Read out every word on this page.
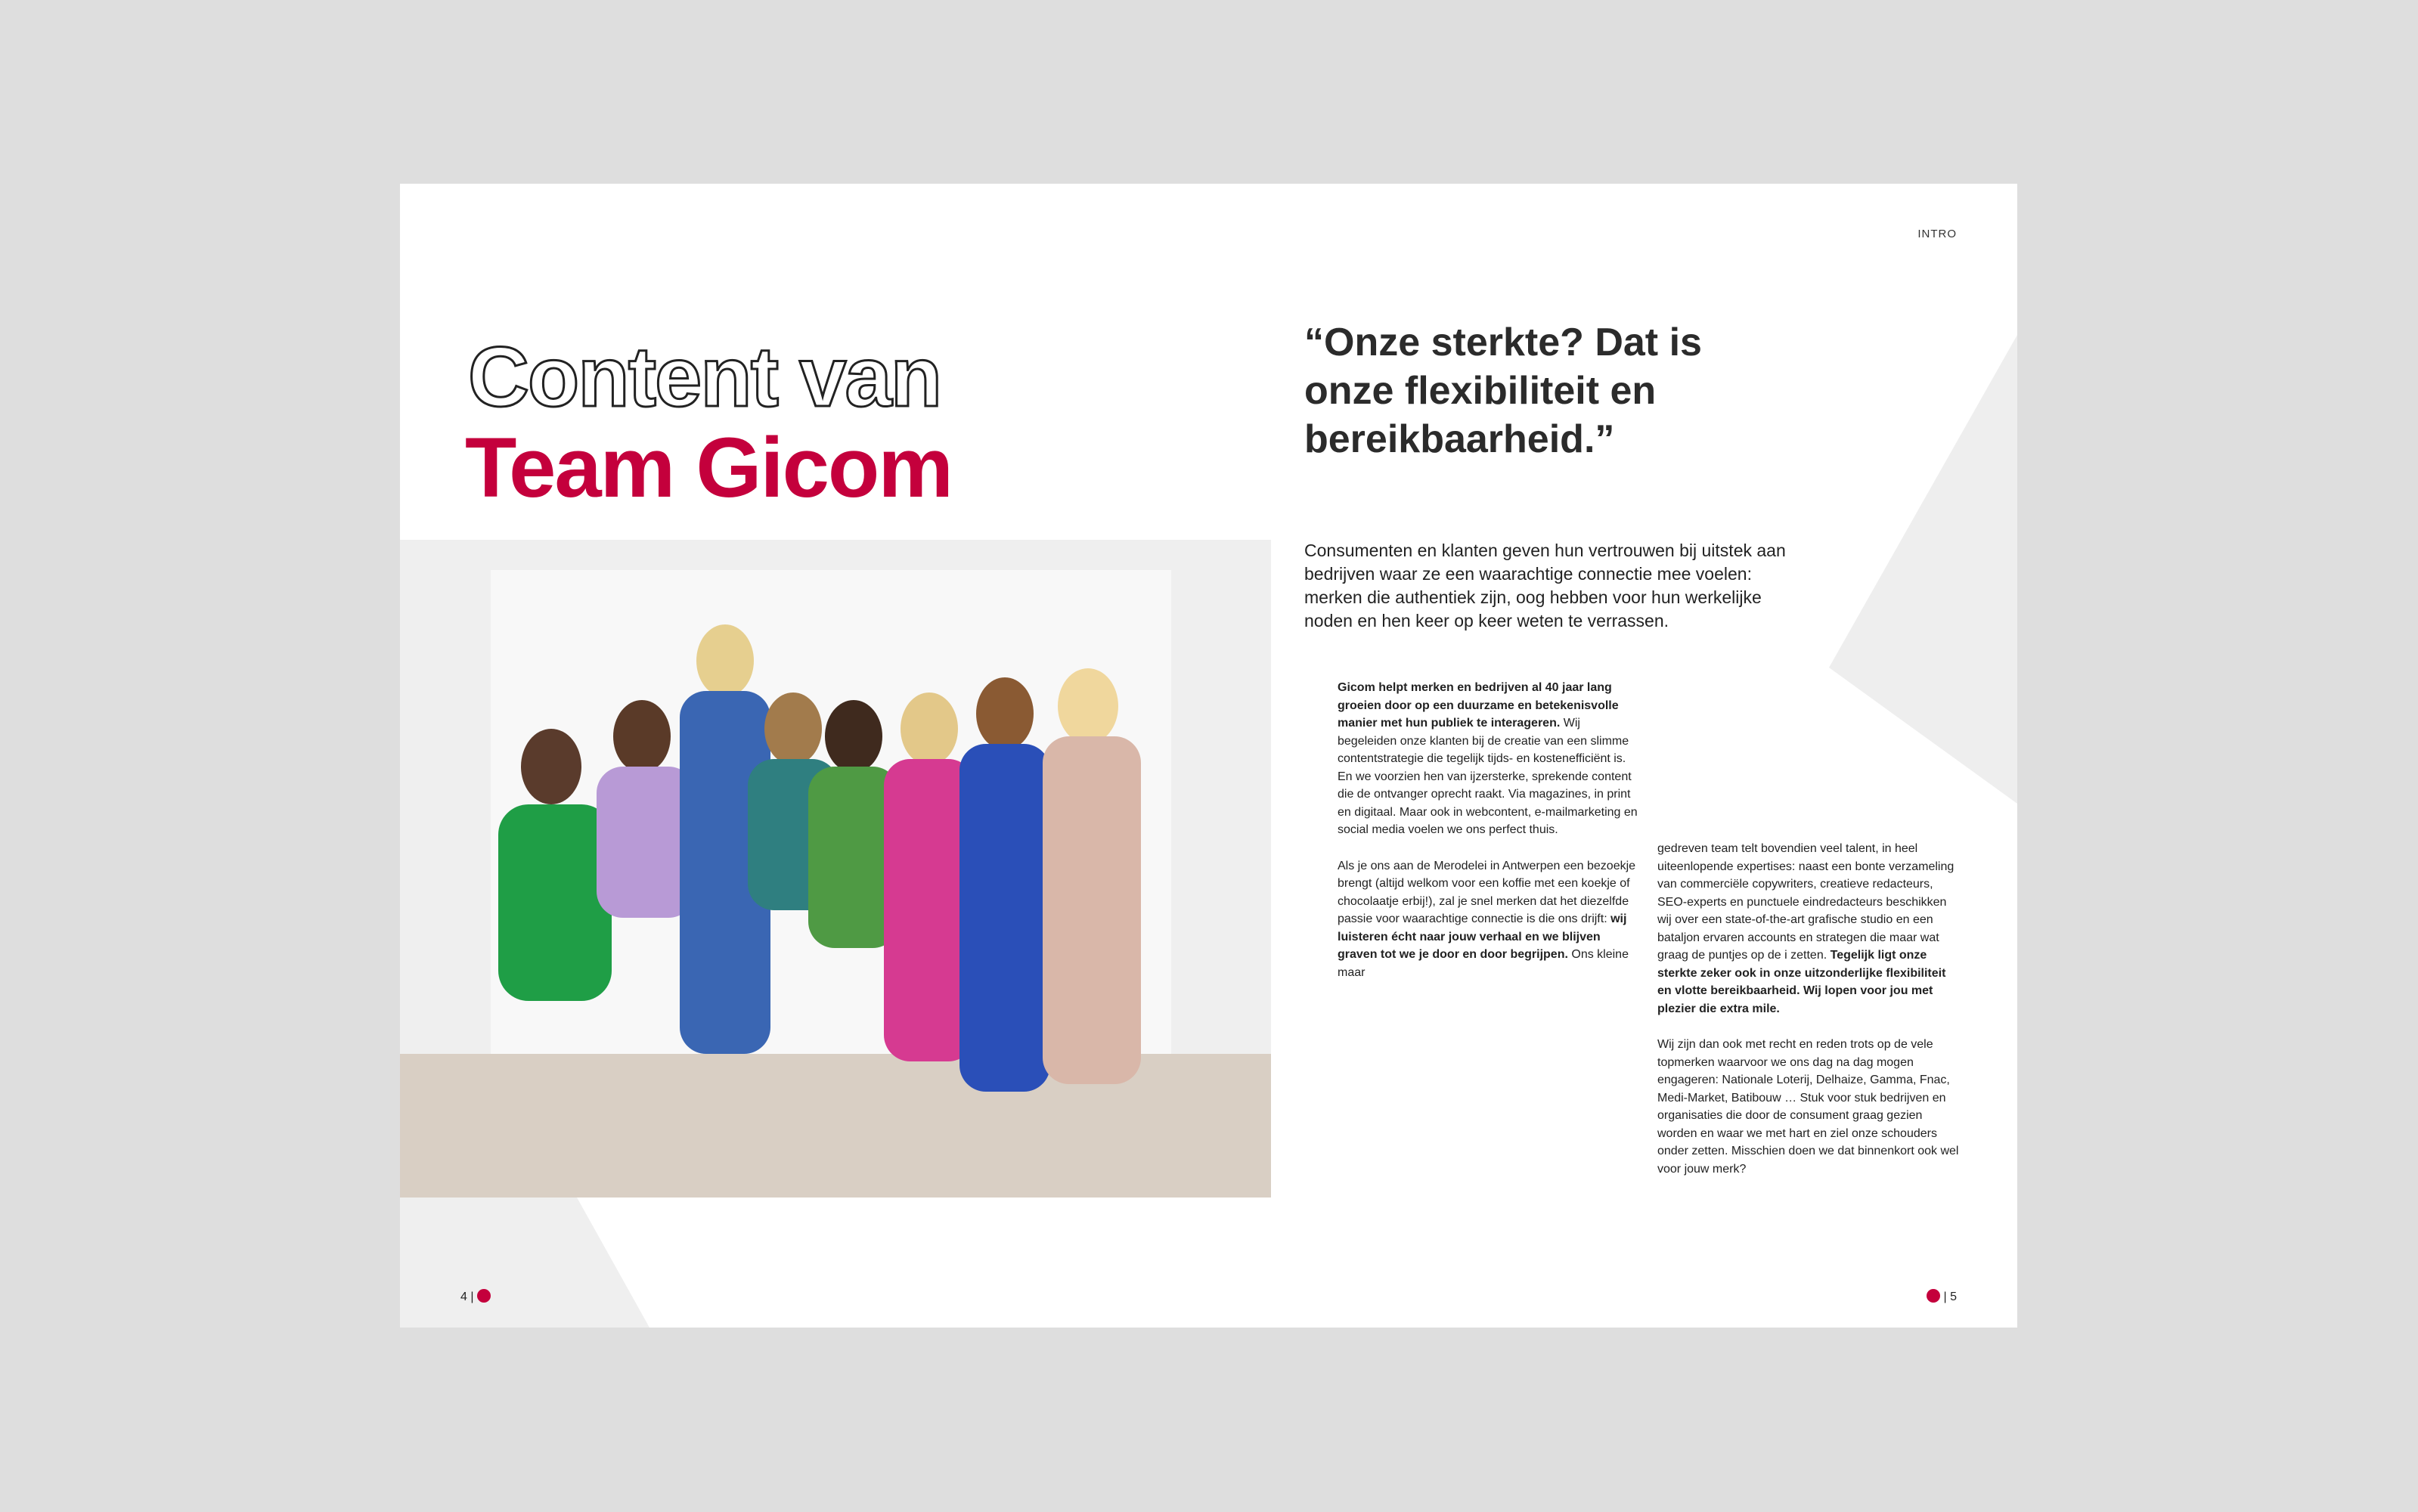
INTRO
Content van
Team Gicom
“Onze sterkte? Dat is onze flexibiliteit en bereikbaarheid.”
Consumenten en klanten geven hun vertrouwen bij uitstek aan bedrijven waar ze een waarachtige connectie mee voelen: merken die authentiek zijn, oog hebben voor hun werkelijke noden en hen keer op keer weten te verrassen.

Gicom helpt merken en bedrijven al 40 jaar lang groeien door op een duurzame en betekenisvolle manier met hun publiek te interageren. Wij begeleiden onze klanten bij de creatie van een slimme contentstrategie die tegelijk tijds- en kostenefficiënt is. En we voorzien hen van ijzersterke, sprekende content die de ontvanger oprecht raakt. Via magazines, in print en digitaal. Maar ook in webcontent, e-mailmarketing en social media voelen we ons perfect thuis.

Als je ons aan de Merodelei in Antwerpen een bezoekje brengt (altijd welkom voor een koffie met een koekje of chocolaatje erbij!), zal je snel merken dat het diezelfde passie voor waarachtige connectie is die ons drijft: wij luisteren écht naar jouw verhaal en we blijven graven tot we je door en door begrijpen. Ons kleine maar

gedreven team telt bovendien veel talent, in heel uiteenlopende expertises: naast een bonte verzameling van commerciële copywriters, creatieve redacteurs, SEO-experts en punctuele eindredacteurs beschikken wij over een state-of-the-art grafische studio en een bataljon ervaren accounts en strategen die maar wat graag de puntjes op de i zetten. Tegelijk ligt onze sterkte zeker ook in onze uitzonderlijke flexibiliteit en vlotte bereikbaarheid. Wij lopen voor jou met plezier die extra mile.

Wij zijn dan ook met recht en reden trots op de vele topmerken waarvoor we ons dag na dag mogen engageren: Nationale Loterij, Delhaize, Gamma, Fnac, Medi-Market, Batibouw … Stuk voor stuk bedrijven en organisaties die door de consument graag gezien worden en waar we met hart en ziel onze schouders onder zetten. Misschien doen we dat binnenkort ook wel voor jouw merk?

4 |	| 5
